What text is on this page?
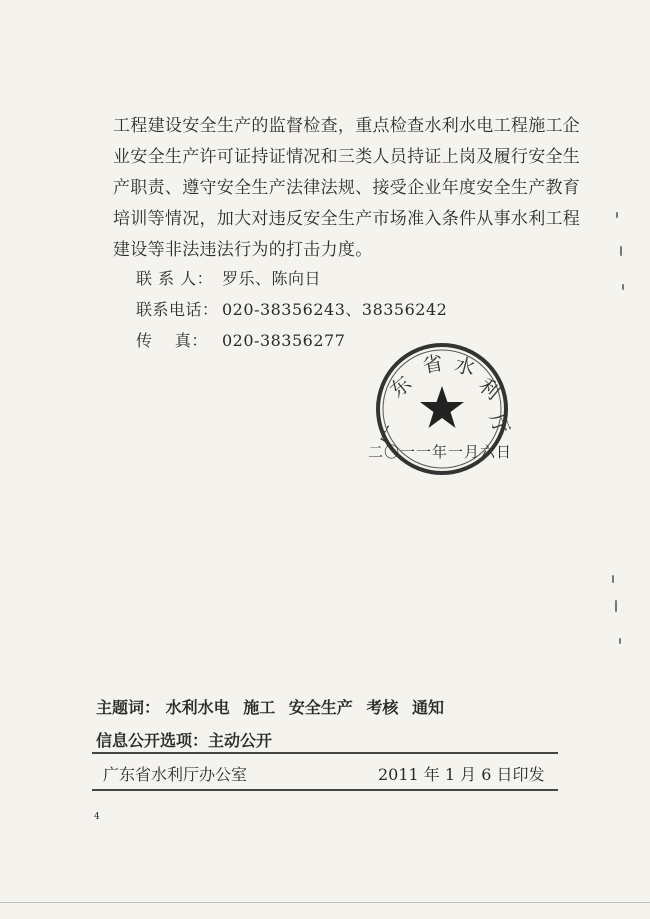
工程建设安全生产的监督检查，重点检查水利水电工程施工企业安全生产许可证持证情况和三类人员持证上岗及履行安全生产职责、遵守安全生产法律法规、接受企业年度安全生产教育培训等情况，加大对违反安全生产市场准入条件从事水利工程建设等非法违法行为的打击力度。
联 系 人： 罗乐、陈向日
联系电话： 020-38356243、38356242
传    真： 020-38356277
广
东
省 水
利
厅
二〇一一年一月六日
主题词： 水利水电 施工 安全生产 考核 通知
信息公开选项：主动公开
广东省水利厅办公室	2011 年 1 月 6 日印发
4
